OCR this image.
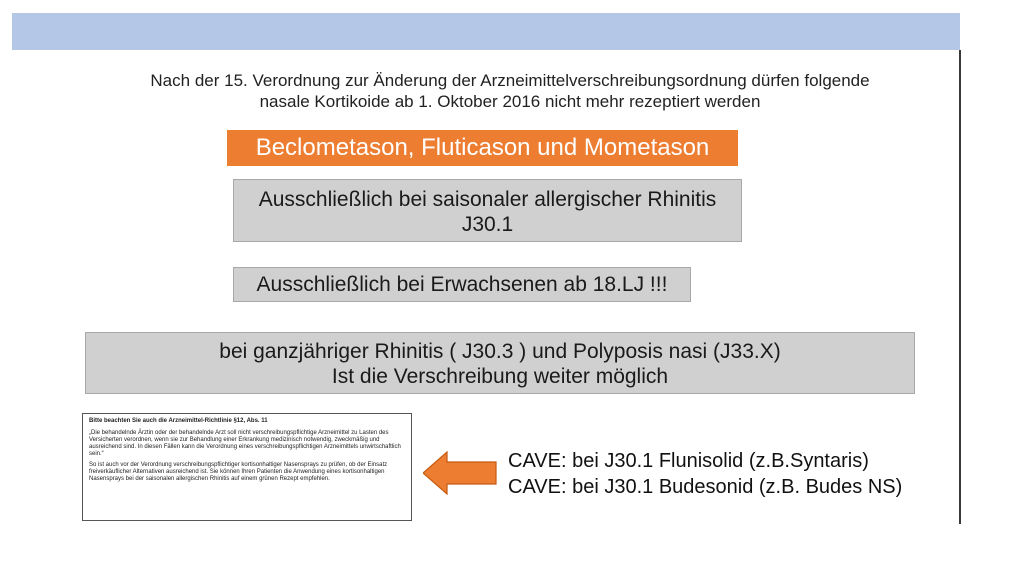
Nach der 15. Verordnung zur Änderung der Arzneimittelverschreibungsordnung dürfen folgende
nasale Kortikoide ab 1. Oktober 2016 nicht mehr rezeptiert werden
Beclometason, Fluticason und Mometason
Ausschließlich bei saisonaler allergischer Rhinitis
J30.1
Ausschließlich bei Erwachsenen ab 18.LJ !!!
bei ganzjähriger Rhinitis ( J30.3 ) und Polyposis nasi (J33.X)
Ist die Verschreibung weiter möglich

Bitte beachten Sie auch die Arzneimittel-Richtlinie §12, Abs. 11

„Die behandelnde Ärztin oder der behandelnde Arzt soll nicht verschreibungspflichtige Arzneimittel zu Lasten des Versicherten verordnen, wenn sie zur Behandlung einer Erkrankung medizinisch notwendig, zweckmäßig und ausreichend sind. In diesen Fällen kann die Verordnung eines verschreibungspflichtigen Arzneimittels unwirtschaftlich sein.“

So ist auch vor der Verordnung verschreibungspflichtiger kortisonhaltiger Nasensprays zu prüfen, ob der Einsatz freiverkäuflicher Alternativen ausreichend ist. Sie können Ihren Patienten die Anwendung eines kortisonhaltigen Nasensprays bei der saisonalen allergischen Rhinitis auf einem grünen Rezept empfehlen.

CAVE: bei J30.1 Flunisolid (z.B.Syntaris)
CAVE: bei J30.1 Budesonid (z.B. Budes NS)
